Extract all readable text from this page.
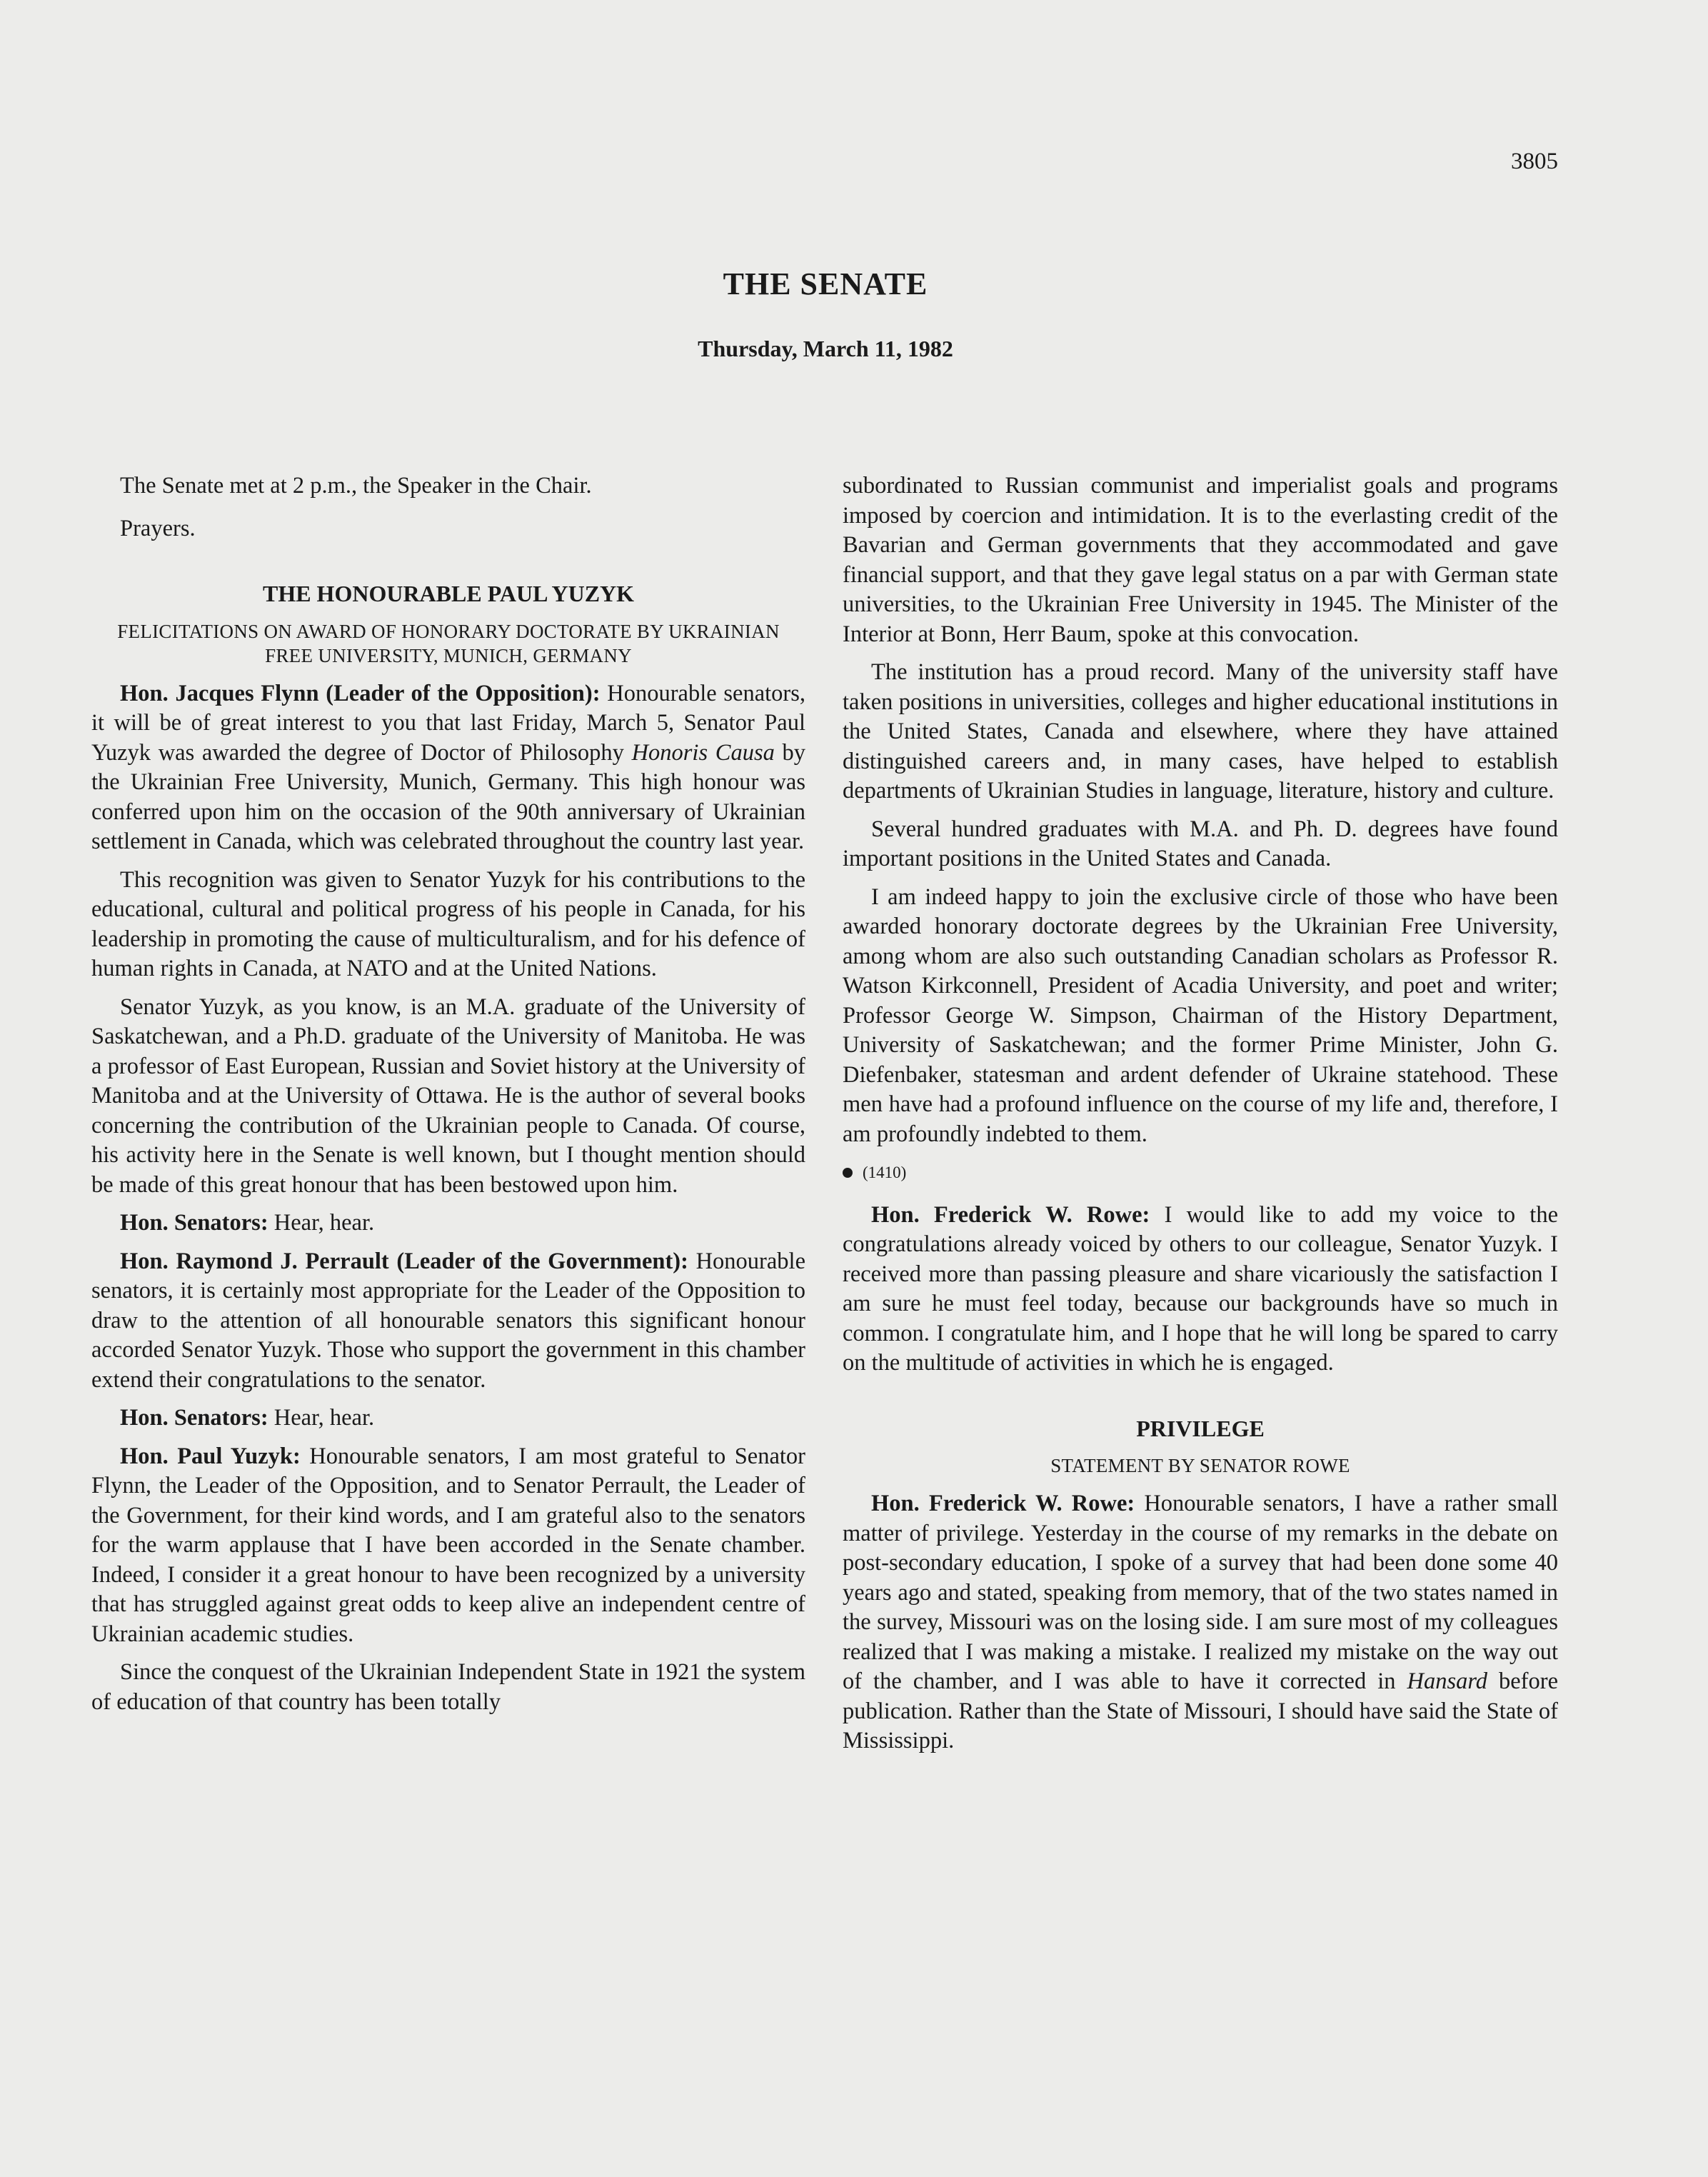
3805
THE SENATE
Thursday, March 11, 1982

The Senate met at 2 p.m., the Speaker in the Chair.

Prayers.

THE HONOURABLE PAUL YUZYK
FELICITATIONS ON AWARD OF HONORARY DOCTORATE BY UKRAINIAN FREE UNIVERSITY, MUNICH, GERMANY

Hon. Jacques Flynn (Leader of the Opposition): Honourable senators, it will be of great interest to you that last Friday, March 5, Senator Paul Yuzyk was awarded the degree of Doctor of Philosophy Honoris Causa by the Ukrainian Free University, Munich, Germany. This high honour was conferred upon him on the occasion of the 90th anniversary of Ukrainian settlement in Canada, which was celebrated throughout the country last year.

This recognition was given to Senator Yuzyk for his contributions to the educational, cultural and political progress of his people in Canada, for his leadership in promoting the cause of multiculturalism, and for his defence of human rights in Canada, at NATO and at the United Nations.

Senator Yuzyk, as you know, is an M.A. graduate of the University of Saskatchewan, and a Ph.D. graduate of the University of Manitoba. He was a professor of East European, Russian and Soviet history at the University of Manitoba and at the University of Ottawa. He is the author of several books concerning the contribution of the Ukrainian people to Canada. Of course, his activity here in the Senate is well known, but I thought mention should be made of this great honour that has been bestowed upon him.

Hon. Senators: Hear, hear.

Hon. Raymond J. Perrault (Leader of the Government): Honourable senators, it is certainly most appropriate for the Leader of the Opposition to draw to the attention of all honourable senators this significant honour accorded Senator Yuzyk. Those who support the government in this chamber extend their congratulations to the senator.

Hon. Senators: Hear, hear.

Hon. Paul Yuzyk: Honourable senators, I am most grateful to Senator Flynn, the Leader of the Opposition, and to Senator Perrault, the Leader of the Government, for their kind words, and I am grateful also to the senators for the warm applause that I have been accorded in the Senate chamber. Indeed, I consider it a great honour to have been recognized by a university that has struggled against great odds to keep alive an independent centre of Ukrainian academic studies.

Since the conquest of the Ukrainian Independent State in 1921 the system of education of that country has been totally

subordinated to Russian communist and imperialist goals and programs imposed by coercion and intimidation. It is to the everlasting credit of the Bavarian and German governments that they accommodated and gave financial support, and that they gave legal status on a par with German state universities, to the Ukrainian Free University in 1945. The Minister of the Interior at Bonn, Herr Baum, spoke at this convocation.

The institution has a proud record. Many of the university staff have taken positions in universities, colleges and higher educational institutions in the United States, Canada and elsewhere, where they have attained distinguished careers and, in many cases, have helped to establish departments of Ukrainian Studies in language, literature, history and culture.

Several hundred graduates with M.A. and Ph. D. degrees have found important positions in the United States and Canada.

I am indeed happy to join the exclusive circle of those who have been awarded honorary doctorate degrees by the Ukrainian Free University, among whom are also such outstanding Canadian scholars as Professor R. Watson Kirkconnell, President of Acadia University, and poet and writer; Professor George W. Simpson, Chairman of the History Department, University of Saskatchewan; and the former Prime Minister, John G. Diefenbaker, statesman and ardent defender of Ukraine statehood. These men have had a profound influence on the course of my life and, therefore, I am profoundly indebted to them.

(1410)

Hon. Frederick W. Rowe: I would like to add my voice to the congratulations already voiced by others to our colleague, Senator Yuzyk. I received more than passing pleasure and share vicariously the satisfaction I am sure he must feel today, because our backgrounds have so much in common. I congratulate him, and I hope that he will long be spared to carry on the multitude of activities in which he is engaged.

PRIVILEGE
STATEMENT BY SENATOR ROWE

Hon. Frederick W. Rowe: Honourable senators, I have a rather small matter of privilege. Yesterday in the course of my remarks in the debate on post-secondary education, I spoke of a survey that had been done some 40 years ago and stated, speaking from memory, that of the two states named in the survey, Missouri was on the losing side. I am sure most of my colleagues realized that I was making a mistake. I realized my mistake on the way out of the chamber, and I was able to have it corrected in Hansard before publication. Rather than the State of Missouri, I should have said the State of Mississippi.
